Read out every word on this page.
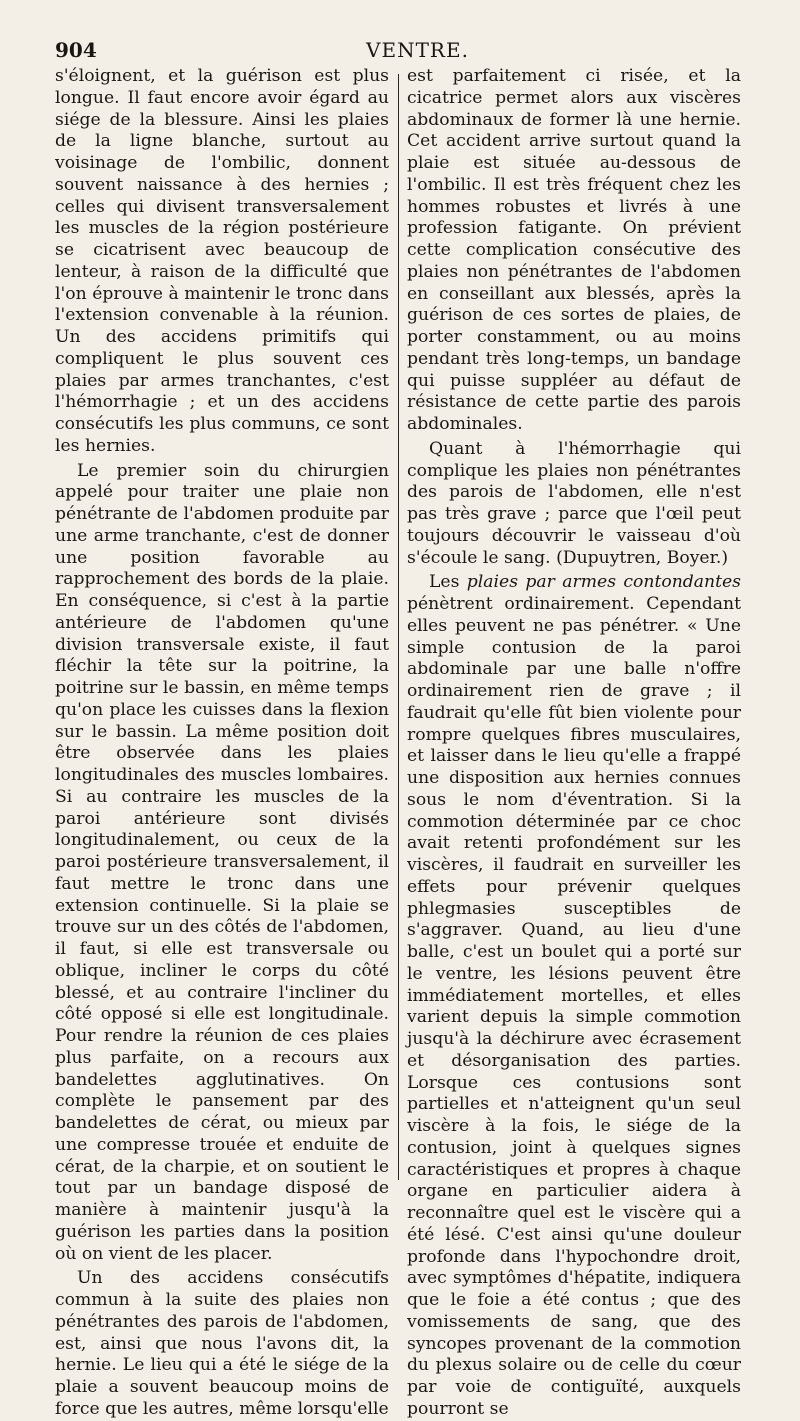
904	VENTRE.

s'éloignent, et la guérison est plus longue. Il faut encore avoir égard au siége de la blessure. Ainsi les plaies de la ligne blanche, surtout au voisinage de l'ombilic, donnent souvent naissance à des hernies ; celles qui divisent transversalement les muscles de la région postérieure se cicatrisent avec beaucoup de lenteur, à raison de la difficulté que l'on éprouve à maintenir le tronc dans l'extension convenable à la réunion. Un des accidens primitifs qui compliquent le plus souvent ces plaies par armes tranchantes, c'est l'hémorrhagie ; et un des accidens consécutifs les plus communs, ce sont les hernies.

Le premier soin du chirurgien appelé pour traiter une plaie non pénétrante de l'abdomen produite par une arme tranchante, c'est de donner une position favorable au rapprochement des bords de la plaie. En conséquence, si c'est à la partie antérieure de l'abdomen qu'une division transversale existe, il faut fléchir la tête sur la poitrine, la poitrine sur le bassin, en même temps qu'on place les cuisses dans la flexion sur le bassin. La même position doit être observée dans les plaies longitudinales des muscles lombaires. Si au contraire les muscles de la paroi antérieure sont divisés longitudinalement, ou ceux de la paroi postérieure transversalement, il faut mettre le tronc dans une extension continuelle. Si la plaie se trouve sur un des côtés de l'abdomen, il faut, si elle est transversale ou oblique, incliner le corps du côté blessé, et au contraire l'incliner du côté opposé si elle est longitudinale. Pour rendre la réunion de ces plaies plus parfaite, on a recours aux bandelettes agglutinatives. On complète le pansement par des bandelettes de cérat, ou mieux par une compresse trouée et enduite de cérat, de la charpie, et on soutient le tout par un bandage disposé de manière à maintenir jusqu'à la guérison les parties dans la position où on vient de les placer.

Un des accidens consécutifs commun à la suite des plaies non pénétrantes des parois de l'abdomen, est, ainsi que nous l'avons dit, la hernie. Le lieu qui a été le siége de la plaie a souvent beaucoup moins de force que les autres, même lorsqu'elle

est parfaitement ci risée, et la cicatrice permet alors aux viscères abdominaux de former là une hernie. Cet accident arrive surtout quand la plaie est située au-dessous de l'ombilic. Il est très fréquent chez les hommes robustes et livrés à une profession fatigante. On prévient cette complication consécutive des plaies non pénétrantes de l'abdomen en conseillant aux blessés, après la guérison de ces sortes de plaies, de porter constamment, ou au moins pendant très long-temps, un bandage qui puisse suppléer au défaut de résistance de cette partie des parois abdominales.

Quant à l'hémorrhagie qui complique les plaies non pénétrantes des parois de l'abdomen, elle n'est pas très grave ; parce que l'œil peut toujours découvrir le vaisseau d'où s'écoule le sang. (Dupuytren, Boyer.)

Les plaies par armes contondantes pénètrent ordinairement. Cependant elles peuvent ne pas pénétrer. « Une simple contusion de la paroi abdominale par une balle n'offre ordinairement rien de grave ; il faudrait qu'elle fût bien violente pour rompre quelques fibres musculaires, et laisser dans le lieu qu'elle a frappé une disposition aux hernies connues sous le nom d'éventration. Si la commotion déterminée par ce choc avait retenti profondément sur les viscères, il faudrait en surveiller les effets pour prévenir quelques phlegmasies susceptibles de s'aggraver. Quand, au lieu d'une balle, c'est un boulet qui a porté sur le ventre, les lésions peuvent être immédiatement mortelles, et elles varient depuis la simple commotion jusqu'à la déchirure avec écrasement et désorganisation des parties. Lorsque ces contusions sont partielles et n'atteignent qu'un seul viscère à la fois, le siége de la contusion, joint à quelques signes caractéristiques et propres à chaque organe en particulier aidera à reconnaître quel est le viscère qui a été lésé. C'est ainsi qu'une douleur profonde dans l'hypochondre droit, avec symptômes d'hépatite, indiquera que le foie a été contus ; que des vomissements de sang, que des syncopes provenant de la commotion du plexus solaire ou de celle du cœur par voie de contiguïté, auxquels pourront se
